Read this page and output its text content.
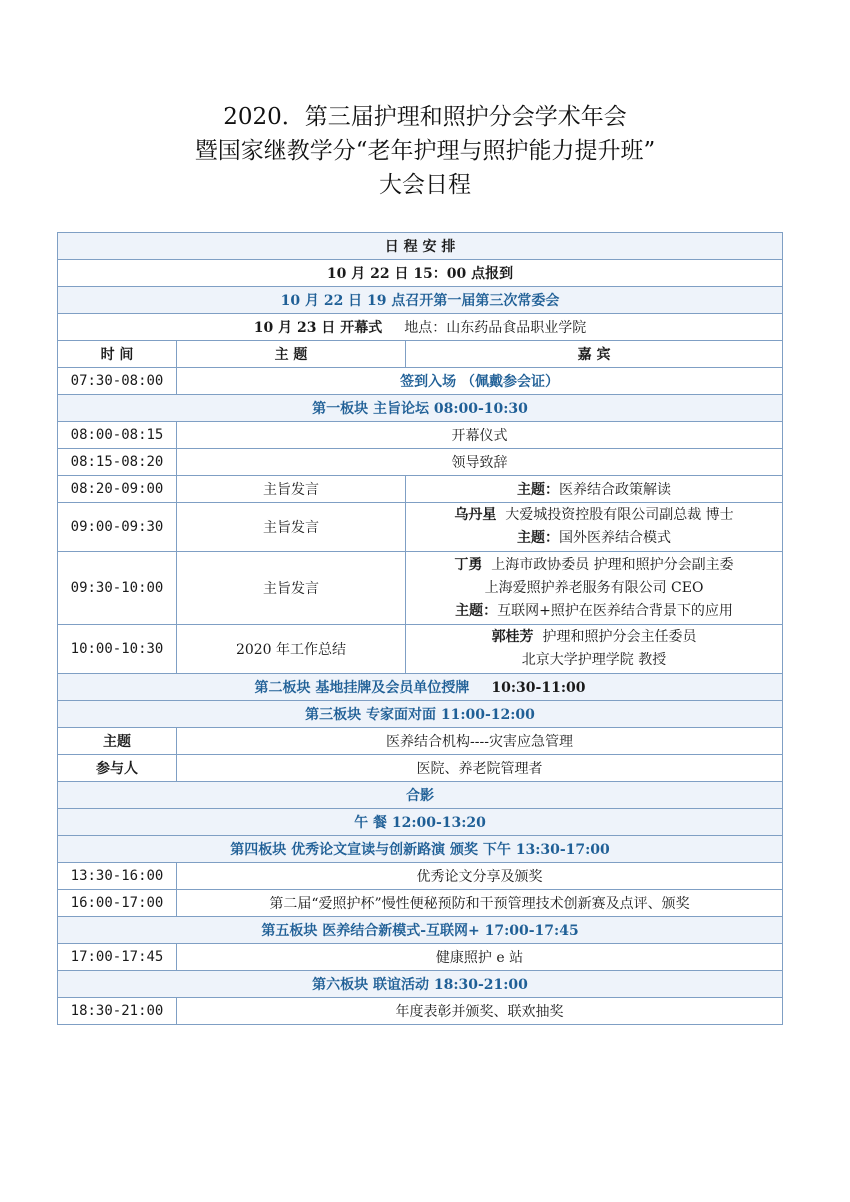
2020．第三届护理和照护分会学术年会
暨国家继教学分“老年护理与照护能力提升班”
大会日程
日 程 安 排		
10 月 22 日 15：00 点报到		
10 月 22 日 19 点召开第一届第三次常委会		
10 月 23 日 开幕式 地点：山东药品食品职业学院		
时 间	主 题	嘉 宾
07:30-08:00	签到入场 （佩戴参会证）	
第一板块 主旨论坛 08:00-10:30		
08:00-08:15	开幕仪式	
08:15-08:20	领导致辞	
08:20-09:00	主旨发言	主题：医养结合政策解读
09:00-09:30	主旨发言	乌丹星 大爱城投资控股有限公司副总裁 博士
主题：国外医养结合模式

09:30-10:00	主旨发言	丁勇 上海市政协委员 护理和照护分会副主委
上海爱照护养老服务有限公司 CEO
主题：互联网+照护在医养结合背景下的应用

10:00-10:30	2020 年工作总结	郭桂芳 护理和照护分会主任委员
北京大学护理学院 教授

第二板块 基地挂牌及会员单位授牌 10:30-11:00		
第三板块 专家面对面 11:00-12:00		
主题	医养结合机构----灾害应急管理	
参与人	医院、养老院管理者	
合影		
午 餐 12:00-13:20		
第四板块 优秀论文宣读与创新路演 颁奖 下午 13:30-17:00		
13:30-16:00	优秀论文分享及颁奖	
16:00-17:00	第二届“爱照护杯”慢性便秘预防和干预管理技术创新赛及点评、颁奖	
第五板块 医养结合新模式-互联网+ 17:00-17:45		
17:00-17:45	健康照护 e 站	
第六板块 联谊活动 18:30-21:00		
18:30-21:00	年度表彰并颁奖、联欢抽奖	
